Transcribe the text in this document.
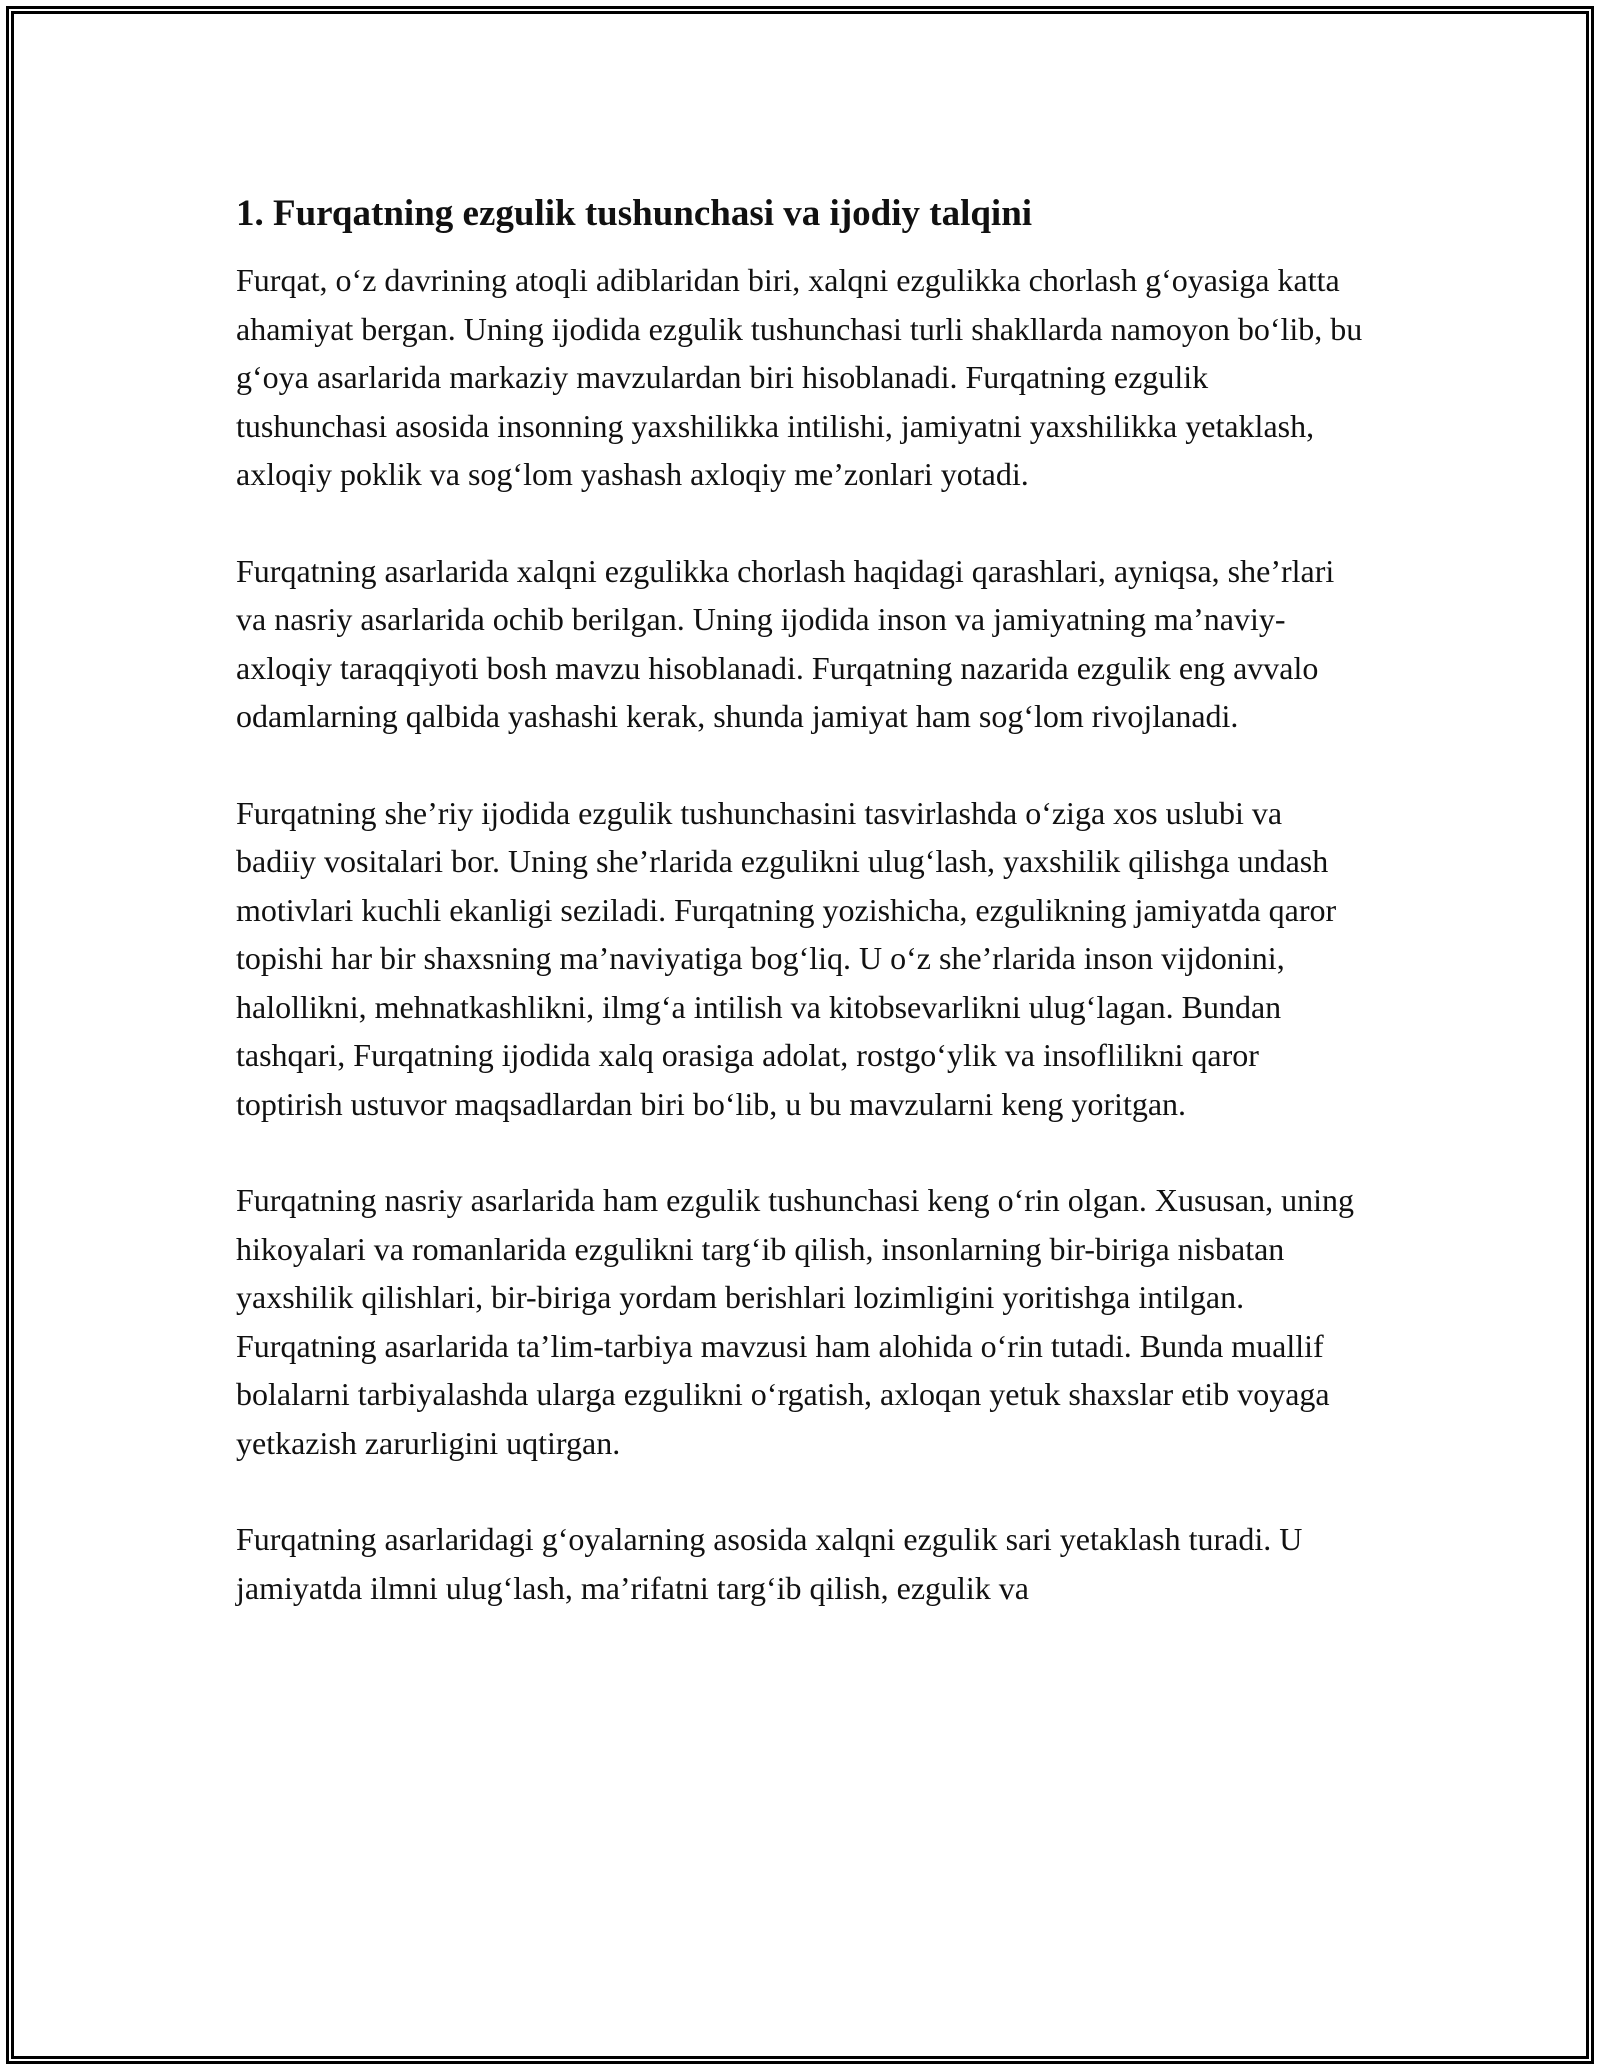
1. Furqatning ezgulik tushunchasi va ijodiy talqini

Furqat, o‘z davrining atoqli adiblaridan biri, xalqni ezgulikka chorlash g‘oyasiga katta ahamiyat bergan. Uning ijodida ezgulik tushunchasi turli shakllarda namoyon bo‘lib, bu g‘oya asarlarida markaziy mavzulardan biri hisoblanadi. Furqatning ezgulik tushunchasi asosida insonning yaxshilikka intilishi, jamiyatni yaxshilikka yetaklash, axloqiy poklik va sog‘lom yashash axloqiy me’zonlari yotadi.

Furqatning asarlarida xalqni ezgulikka chorlash haqidagi qarashlari, ayniqsa, she’rlari va nasriy asarlarida ochib berilgan. Uning ijodida inson va jamiyatning ma’naviy-axloqiy taraqqiyoti bosh mavzu hisoblanadi. Furqatning nazarida ezgulik eng avvalo odamlarning qalbida yashashi kerak, shunda jamiyat ham sog‘lom rivojlanadi.

Furqatning she’riy ijodida ezgulik tushunchasini tasvirlashda o‘ziga xos uslubi va badiiy vositalari bor. Uning she’rlarida ezgulikni ulug‘lash, yaxshilik qilishga undash motivlari kuchli ekanligi seziladi. Furqatning yozishicha, ezgulikning jamiyatda qaror topishi har bir shaxsning ma’naviyatiga bog‘liq. U o‘z she’rlarida inson vijdonini, halollikni, mehnatkashlikni, ilmg‘a intilish va kitobsevarlikni ulug‘lagan. Bundan tashqari, Furqatning ijodida xalq orasiga adolat, rostgo‘ylik va insoflilikni qaror toptirish ustuvor maqsadlardan biri bo‘lib, u bu mavzularni keng yoritgan.

Furqatning nasriy asarlarida ham ezgulik tushunchasi keng o‘rin olgan. Xususan, uning hikoyalari va romanlarida ezgulikni targ‘ib qilish, insonlarning bir-biriga nisbatan yaxshilik qilishlari, bir-biriga yordam berishlari lozimligini yoritishga intilgan. Furqatning asarlarida ta’lim-tarbiya mavzusi ham alohida o‘rin tutadi. Bunda muallif bolalarni tarbiyalashda ularga ezgulikni o‘rgatish, axloqan yetuk shaxslar etib voyaga yetkazish zarurligini uqtirgan.

Furqatning asarlaridagi g‘oyalarning asosida xalqni ezgulik sari yetaklash turadi. U jamiyatda ilmni ulug‘lash, ma’rifatni targ‘ib qilish, ezgulik va
